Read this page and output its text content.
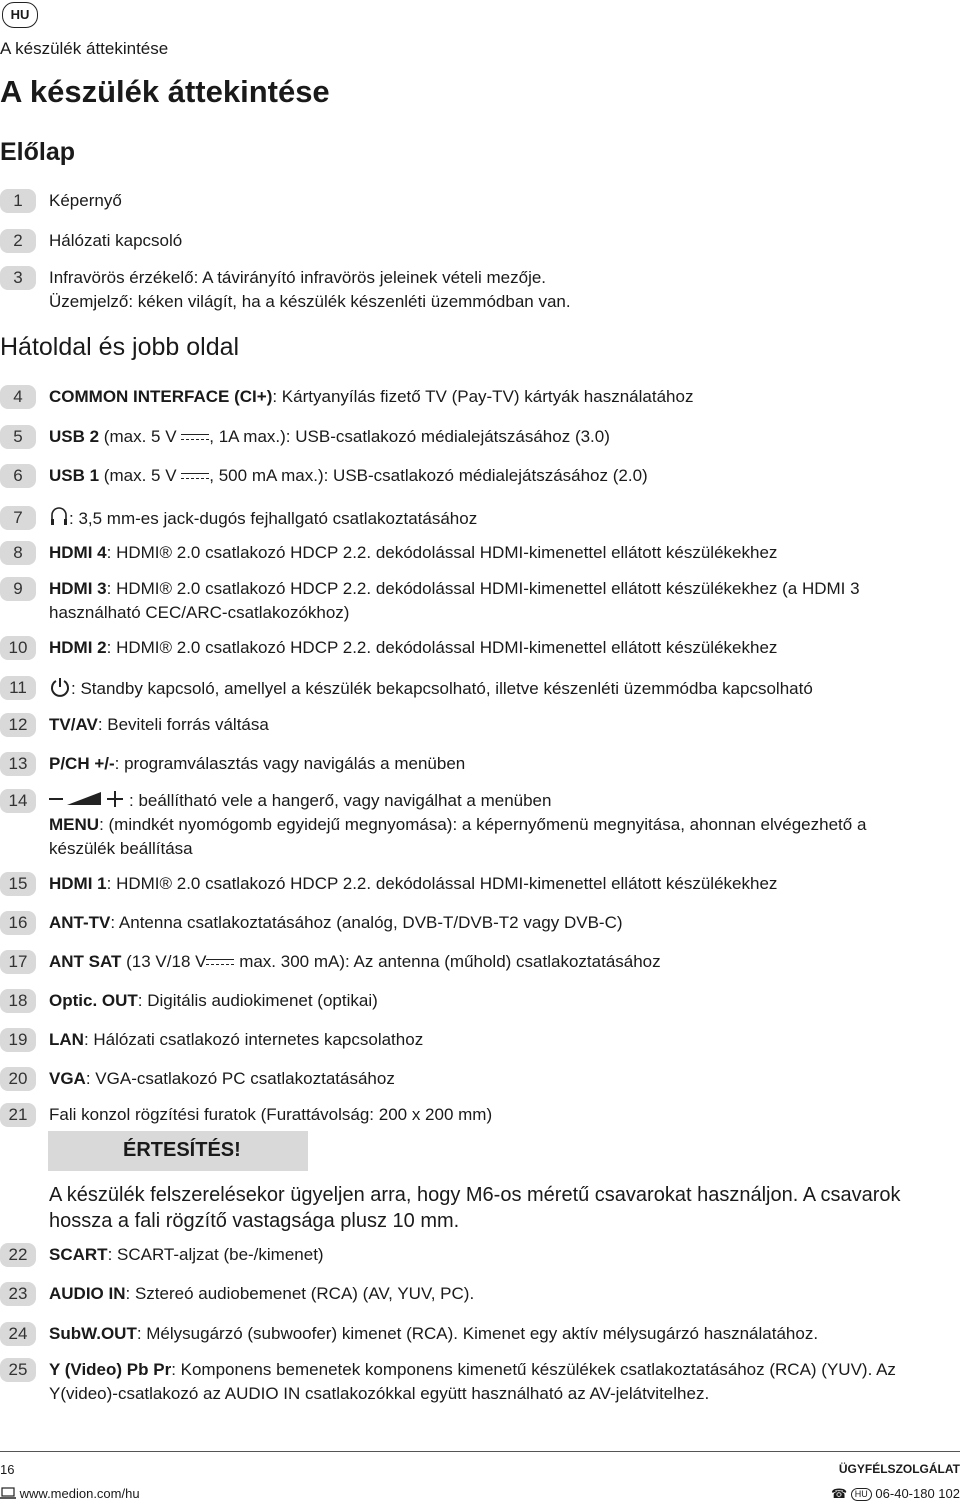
HU
A készülék áttekintése
A készülék áttekintése
Előlap
Hátoldal és jobb oldal
1	Képernyő
2	Hálózati kapcsoló
3	Infravörös érzékelő: A távirányító infravörös jeleinek vételi mezője.
Üzemjelző: kéken világít, ha a készülék készenléti üzemmódban van.
4	COMMON INTERFACE (CI+): Kártyanyílás fizető TV (Pay-TV) kártyák használatához
5	USB 2 (max. 5 V , 1A max.): USB-csatlakozó médialejátszásához (3.0)
6	USB 1 (max. 5 V , 500 mA max.): USB-csatlakozó médialejátszásához (2.0)
7	: 3,5 mm-es jack-dugós fejhallgató csatlakoztatásához
8	HDMI 4: HDMI® 2.0 csatlakozó HDCP 2.2. dekódolással HDMI-kimenettel ellátott készülékekhez
9	HDMI 3: HDMI® 2.0 csatlakozó HDCP 2.2. dekódolással HDMI-kimenettel ellátott készülékekhez (a HDMI 3 használható CEC/ARC-csatlakozókhoz)
10	HDMI 2: HDMI® 2.0 csatlakozó HDCP 2.2. dekódolással HDMI-kimenettel ellátott készülékekhez
11	: Standby kapcsoló, amellyel a készülék bekapcsolható, illetve készenléti üzemmódba kapcsolható
12	TV/AV: Beviteli forrás váltása
13	P/CH +/-: programválasztás vagy navigálás a menüben
14	: beállítható vele a hangerő, vagy navigálhat a menüben
MENU: (mindkét nyomógomb egyidejű megnyomása): a képernyőmenü megnyitása, ahonnan elvégezhető a készülék beállítása
15	HDMI 1: HDMI® 2.0 csatlakozó HDCP 2.2. dekódolással HDMI-kimenettel ellátott készülékekhez
16	ANT-TV: Antenna csatlakoztatásához (analóg, DVB-T/DVB-T2 vagy DVB-C)
17	ANT SAT (13 V/18 V max. 300 mA): Az antenna (műhold) csatlakoztatásához
18	Optic. OUT: Digitális audiokimenet (optikai)
19	LAN: Hálózati csatlakozó internetes kapcsolathoz
20	VGA: VGA-csatlakozó PC csatlakoztatásához
21	Fali konzol rögzítési furatok (Furattávolság: 200 x 200 mm)
ÉRTESÍTÉS!
A készülék felszerelésekor ügyeljen arra, hogy M6-os méretű csavarokat használjon. A csavarok hossza a fali rögzítő vastagsága plusz 10 mm.
22	SCART: SCART-aljzat (be-/kimenet)
23	AUDIO IN: Sztereó audiobemenet (RCA) (AV, YUV, PC).
24	SubW.OUT: Mélysugárzó (subwoofer) kimenet (RCA). Kimenet egy aktív mélysugárzó használatához.
25	Y (Video) Pb Pr: Komponens bemenetek komponens kimenetű készülékek csatlakoztatásához (RCA) (YUV). Az Y(video)-csatlakozó az AUDIO IN csatlakozókkal együtt használható az AV-jelátvitelhez.
16
www.medion.com/hu
ÜGYFÉLSZOLGÁLAT
☎ HU 06-40-180 102
